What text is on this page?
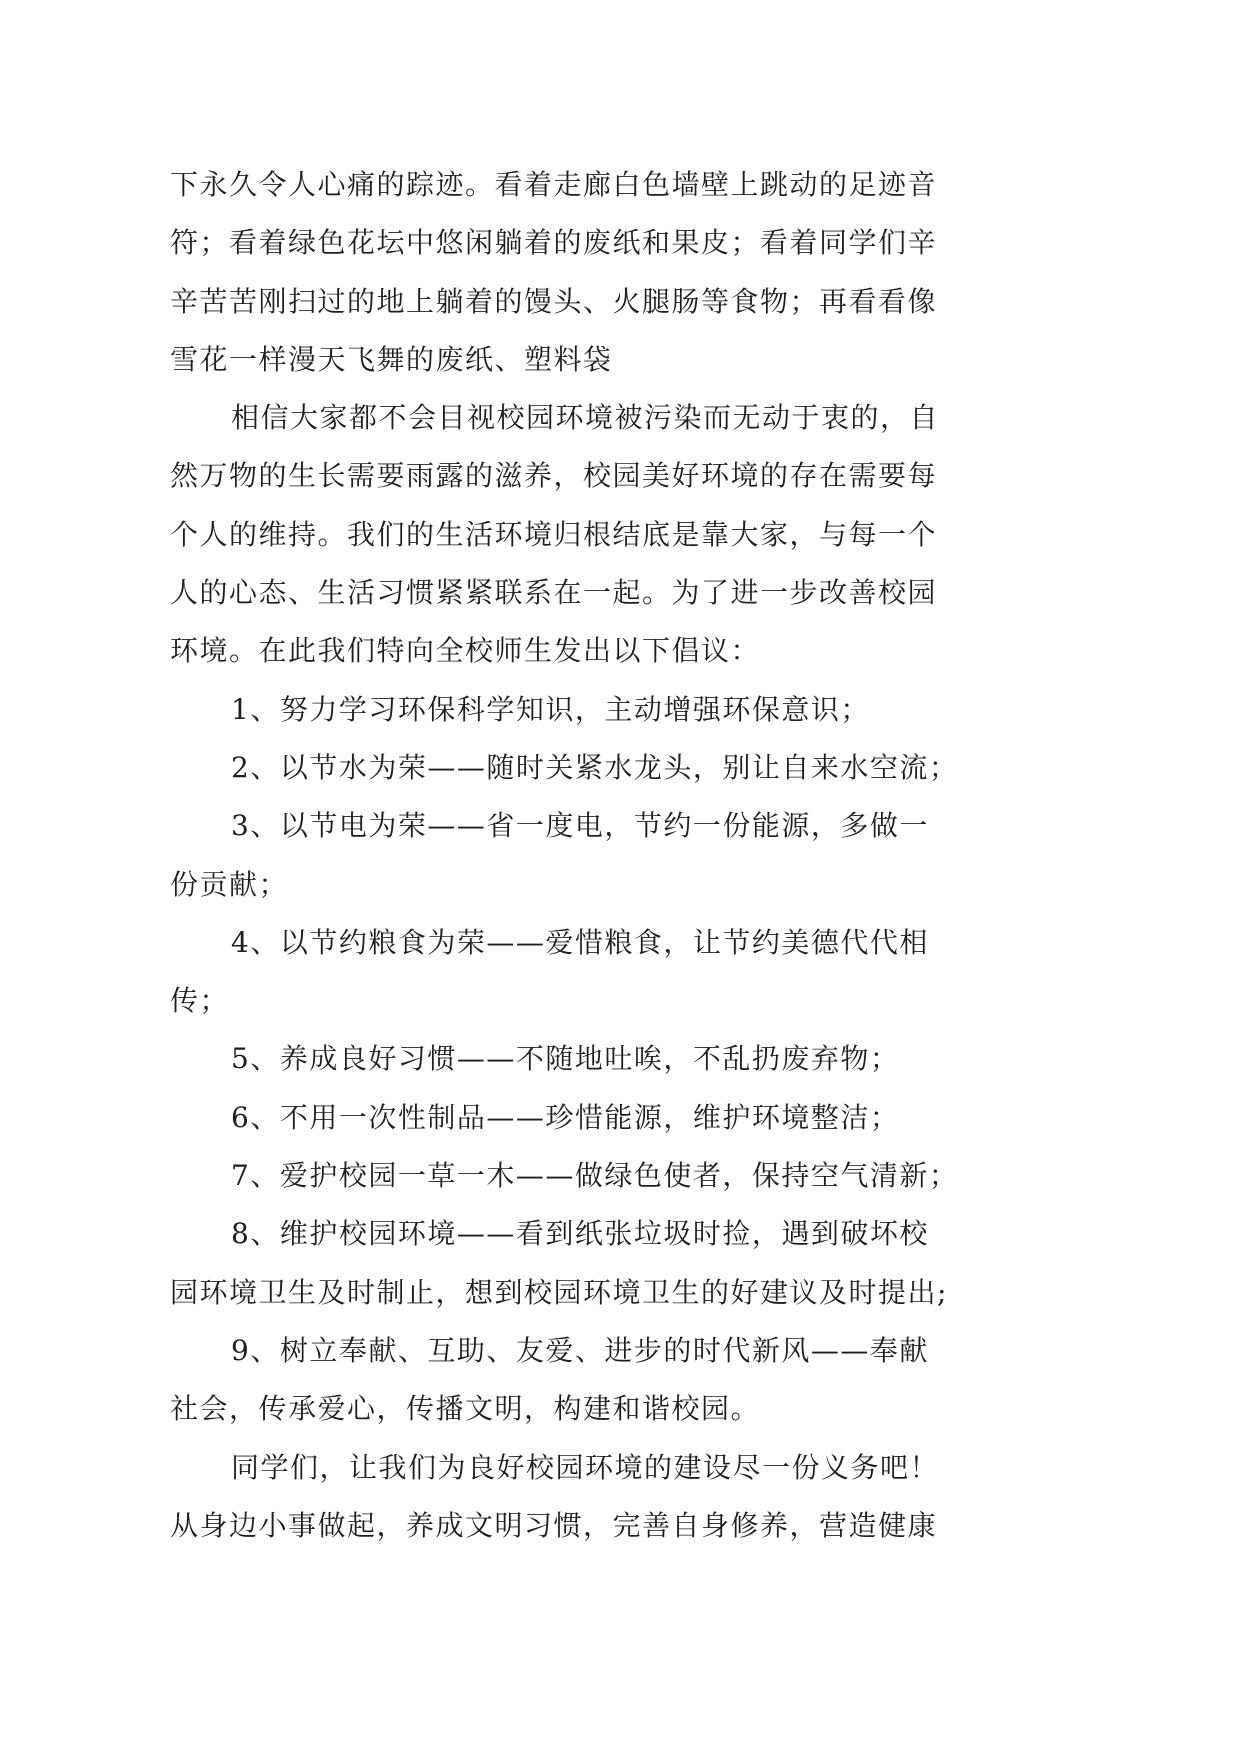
下永久令人心痛的踪迹。看着走廊白色墙壁上跳动的足迹音
符；看着绿色花坛中悠闲躺着的废纸和果皮；看着同学们辛
辛苦苦刚扫过的地上躺着的馒头、火腿肠等食物；再看看像
雪花一样漫天飞舞的废纸、塑料袋
相信大家都不会目视校园环境被污染而无动于衷的，自
然万物的生长需要雨露的滋养，校园美好环境的存在需要每
个人的维持。我们的生活环境归根结底是靠大家，与每一个
人的心态、生活习惯紧紧联系在一起。为了进一步改善校园
环境。在此我们特向全校师生发出以下倡议：
1、努力学习环保科学知识，主动增强环保意识；
2、以节水为荣——随时关紧水龙头，别让自来水空流；
3、以节电为荣——省一度电，节约一份能源，多做一
份贡献；
4、以节约粮食为荣——爱惜粮食，让节约美德代代相
传；
5、养成良好习惯——不随地吐唉，不乱扔废弃物；
6、不用一次性制品——珍惜能源，维护环境整洁；
7、爱护校园一草一木——做绿色使者，保持空气清新；
8、维护校园环境——看到纸张垃圾时捡，遇到破坏校
园环境卫生及时制止，想到校园环境卫生的好建议及时提出;
9、树立奉献、互助、友爱、进步的时代新风——奉献
社会，传承爱心，传播文明，构建和谐校园。
同学们，让我们为良好校园环境的建设尽一份义务吧！
从身边小事做起，养成文明习惯，完善自身修养，营造健康
